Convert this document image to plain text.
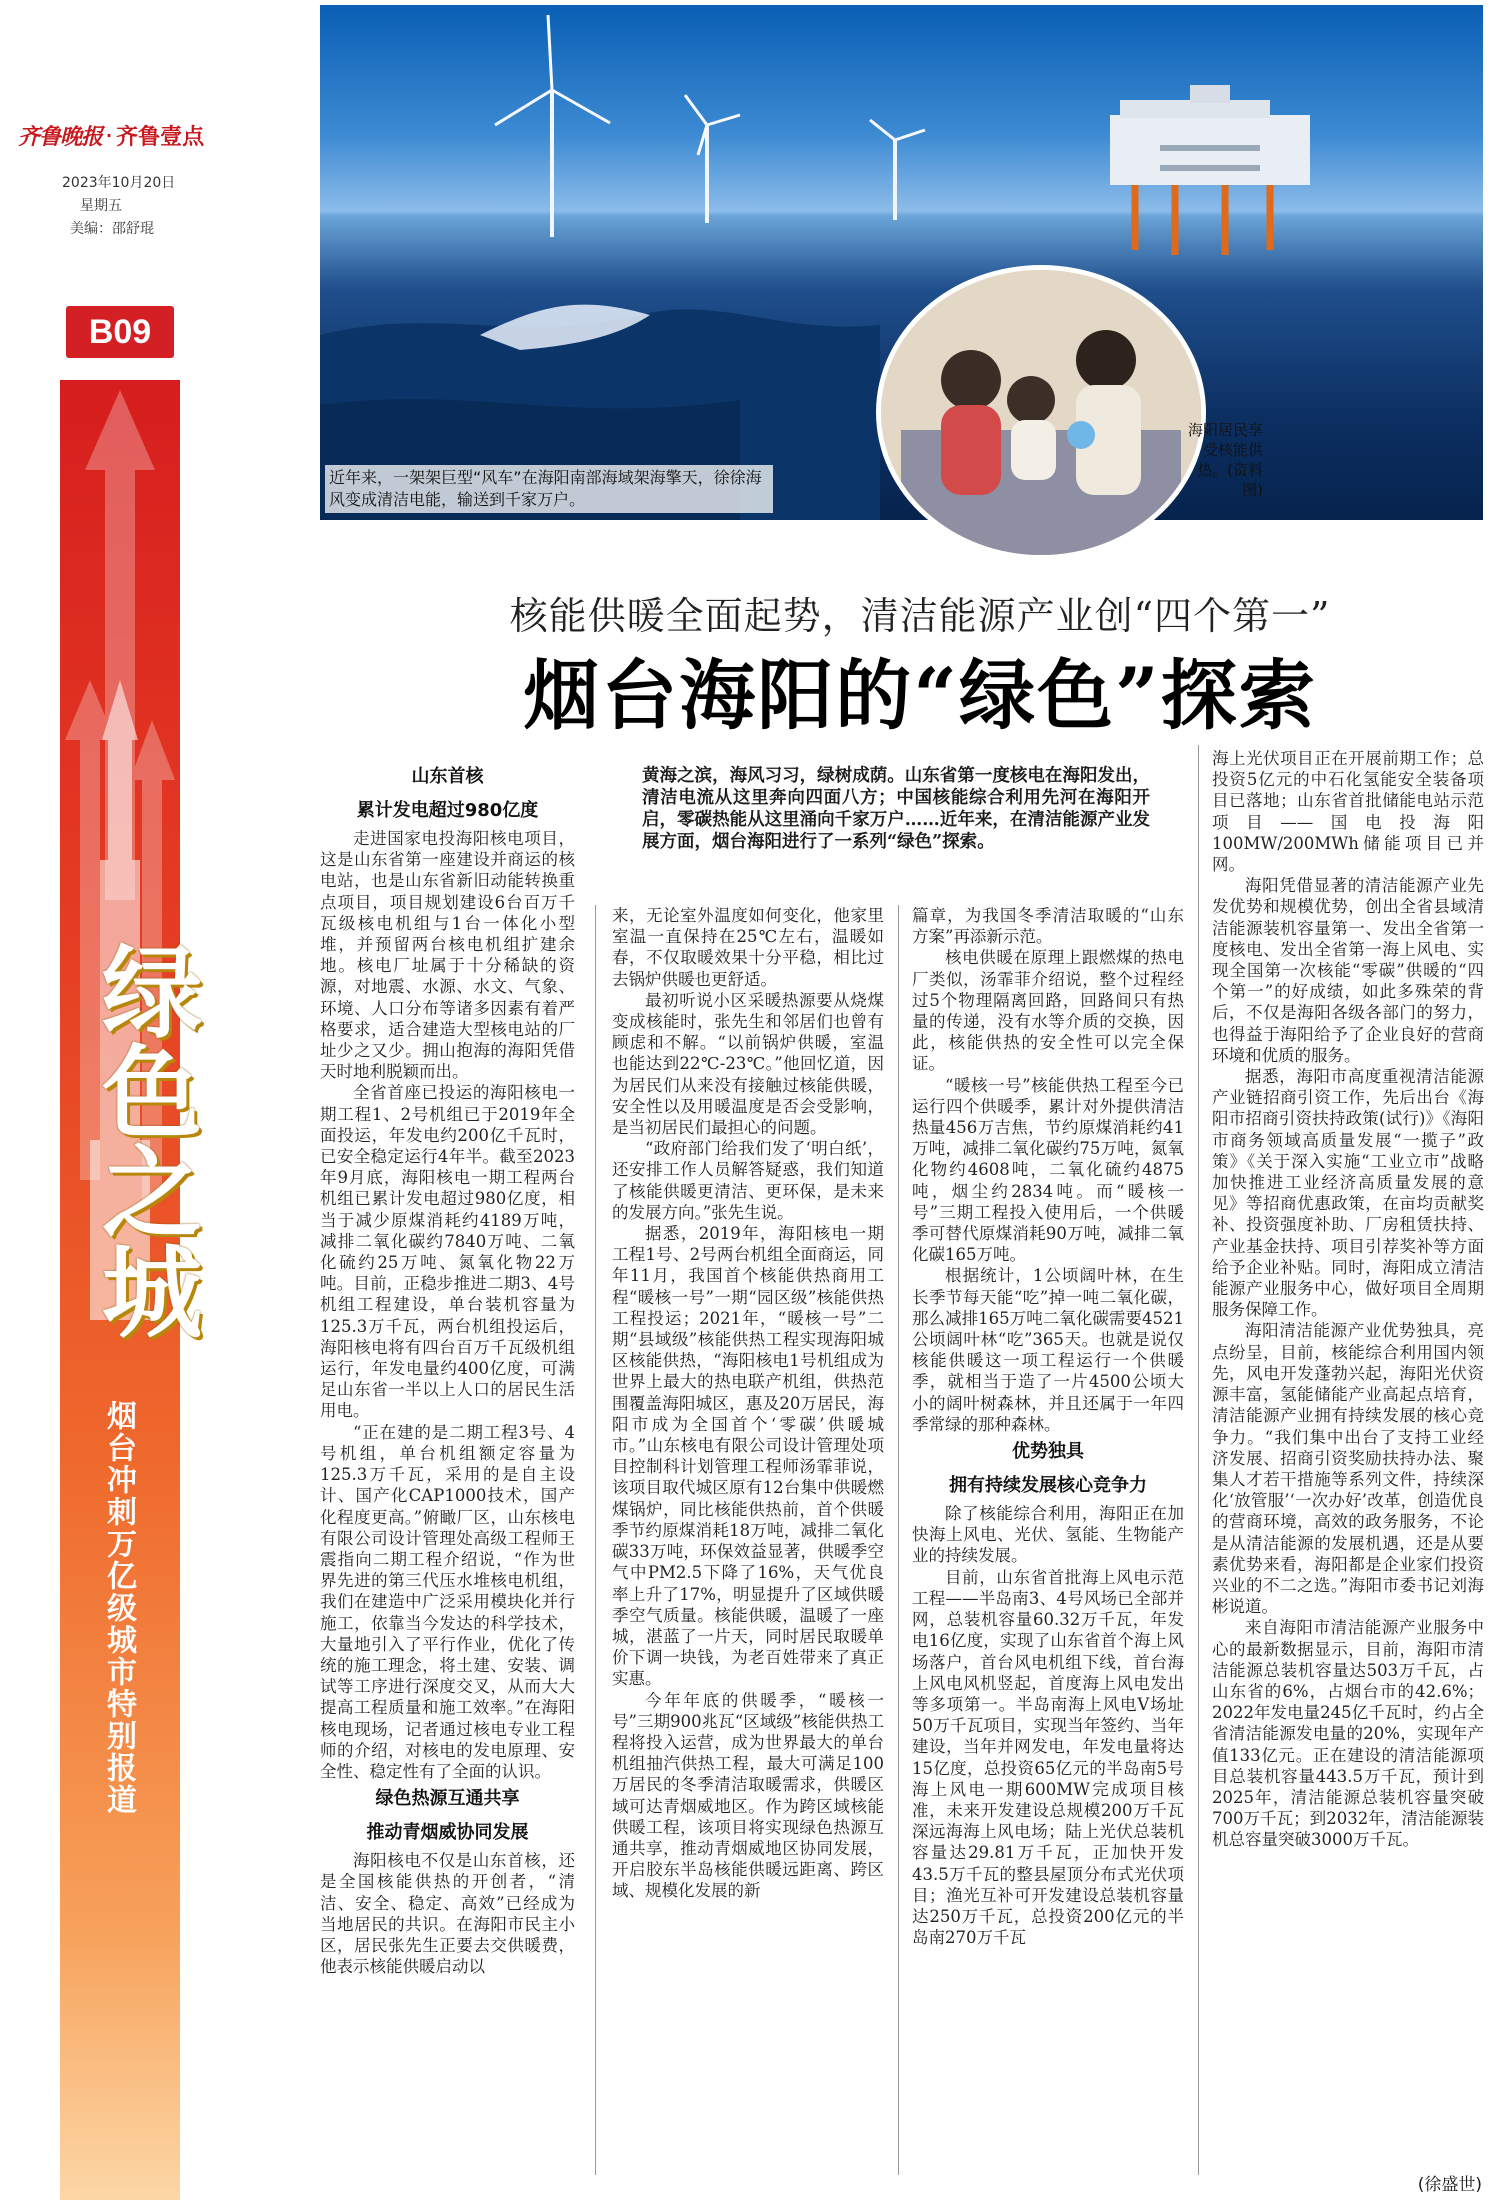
齐鲁晚报 · 齐鲁壹点
2023年10月20日
星期五
美编：邵舒琨
B09
绿色之城
烟台冲刺万亿级城市特别报道
近年来，一架架巨型“风车”在海阳南部海域架海擎天，徐徐海风变成清洁电能，输送到千家万户。
海阳居民享受核能供热。(资料图)
核能供暖全面起势，清洁能源产业创“四个第一”
烟台海阳的“绿色”探索
黄海之滨，海风习习，绿树成荫。山东省第一度核电在海阳发出，清洁电流从这里奔向四面八方；中国核能综合利用先河在海阳开启，零碳热能从这里涌向千家万户……近年来，在清洁能源产业发展方面，烟台海阳进行了一系列“绿色”探索。
山东首核
累计发电超过980亿度

走进国家电投海阳核电项目，这是山东省第一座建设并商运的核电站，也是山东省新旧动能转换重点项目，项目规划建设6台百万千瓦级核电机组与1台一体化小型堆，并预留两台核电机组扩建余地。核电厂址属于十分稀缺的资源，对地震、水源、水文、气象、环境、人口分布等诸多因素有着严格要求，适合建造大型核电站的厂址少之又少。拥山抱海的海阳凭借天时地利脱颖而出。

全省首座已投运的海阳核电一期工程1、2号机组已于2019年全面投运，年发电约200亿千瓦时，已安全稳定运行4年半。截至2023年9月底，海阳核电一期工程两台机组已累计发电超过980亿度，相当于减少原煤消耗约4189万吨，减排二氧化碳约7840万吨、二氧化硫约25万吨、氮氧化物22万吨。目前，正稳步推进二期3、4号机组工程建设，单台装机容量为125.3万千瓦，两台机组投运后，海阳核电将有四台百万千瓦级机组运行，年发电量约400亿度，可满足山东省一半以上人口的居民生活用电。

“正在建的是二期工程3号、4号机组，单台机组额定容量为125.3万千瓦，采用的是自主设计、国产化CAP1000技术，国产化程度更高。”俯瞰厂区，山东核电有限公司设计管理处高级工程师王震指向二期工程介绍说，“作为世界先进的第三代压水堆核电机组，我们在建造中广泛采用模块化并行施工，依靠当今发达的科学技术，大量地引入了平行作业，优化了传统的施工理念，将土建、安装、调试等工序进行深度交叉，从而大大提高工程质量和施工效率。”在海阳核电现场，记者通过核电专业工程师的介绍，对核电的发电原理、安全性、稳定性有了全面的认识。

绿色热源互通共享
推动青烟威协同发展

海阳核电不仅是山东首核，还是全国核能供热的开创者，“清洁、安全、稳定、高效”已经成为当地居民的共识。在海阳市民主小区，居民张先生正要去交供暖费，他表示核能供暖启动以

来，无论室外温度如何变化，他家里室温一直保持在25℃左右，温暖如春，不仅取暖效果十分平稳，相比过去锅炉供暖也更舒适。

最初听说小区采暖热源要从烧煤变成核能时，张先生和邻居们也曾有顾虑和不解。“以前锅炉供暖，室温也能达到22℃-23℃。”他回忆道，因为居民们从来没有接触过核能供暖，安全性以及用暖温度是否会受影响，是当初居民们最担心的问题。

“政府部门给我们发了‘明白纸’，还安排工作人员解答疑惑，我们知道了核能供暖更清洁、更环保，是未来的发展方向。”张先生说。

据悉，2019年，海阳核电一期工程1号、2号两台机组全面商运，同年11月，我国首个核能供热商用工程“暖核一号”一期“园区级”核能供热工程投运；2021年，“暖核一号”二期“县域级”核能供热工程实现海阳城区核能供热，“海阳核电1号机组成为世界上最大的热电联产机组，供热范围覆盖海阳城区，惠及20万居民，海阳市成为全国首个‘零碳’供暖城市。”山东核电有限公司设计管理处项目控制科计划管理工程师汤霏菲说，该项目取代城区原有12台集中供暖燃煤锅炉，同比核能供热前，首个供暖季节约原煤消耗18万吨，减排二氧化碳33万吨，环保效益显著，供暖季空气中PM2.5下降了16%，天气优良率上升了17%，明显提升了区域供暖季空气质量。核能供暖，温暖了一座城，湛蓝了一片天，同时居民取暖单价下调一块钱，为老百姓带来了真正实惠。

今年年底的供暖季，“暖核一号”三期900兆瓦“区域级”核能供热工程将投入运营，成为世界最大的单台机组抽汽供热工程，最大可满足100万居民的冬季清洁取暖需求，供暖区域可达青烟威地区。作为跨区域核能供暖工程，该项目将实现绿色热源互通共享，推动青烟威地区协同发展，开启胶东半岛核能供暖远距离、跨区域、规模化发展的新

篇章，为我国冬季清洁取暖的“山东方案”再添新示范。

核电供暖在原理上跟燃煤的热电厂类似，汤霏菲介绍说，整个过程经过5个物理隔离回路，回路间只有热量的传递，没有水等介质的交换，因此，核能供热的安全性可以完全保证。

“暖核一号”核能供热工程至今已运行四个供暖季，累计对外提供清洁热量456万吉焦，节约原煤消耗约41万吨，减排二氧化碳约75万吨，氮氧化物约4608吨，二氧化硫约4875吨，烟尘约2834吨。而“暖核一号”三期工程投入使用后，一个供暖季可替代原煤消耗90万吨，减排二氧化碳165万吨。

根据统计，1公顷阔叶林，在生长季节每天能“吃”掉一吨二氧化碳，那么减排165万吨二氧化碳需要4521公顷阔叶林“吃”365天。也就是说仅核能供暖这一项工程运行一个供暖季，就相当于造了一片4500公顷大小的阔叶树森林，并且还属于一年四季常绿的那种森林。

优势独具
拥有持续发展核心竞争力

除了核能综合利用，海阳正在加快海上风电、光伏、氢能、生物能产业的持续发展。

目前，山东省首批海上风电示范工程——半岛南3、4号风场已全部并网，总装机容量60.32万千瓦，年发电16亿度，实现了山东省首个海上风场落户，首台风电机组下线，首台海上风电风机竖起，首度海上风电发出等多项第一。半岛南海上风电V场址50万千瓦项目，实现当年签约、当年建设，当年并网发电，年发电量将达15亿度，总投资65亿元的半岛南5号海上风电一期600MW完成项目核准，未来开发建设总规模200万千瓦深远海海上风电场；陆上光伏总装机容量达29.81万千瓦，正加快开发43.5万千瓦的整县屋顶分布式光伏项目；渔光互补可开发建设总装机容量达250万千瓦，总投资200亿元的半岛南270万千瓦

海上光伏项目正在开展前期工作；总投资5亿元的中石化氢能安全装备项目已落地；山东省首批储能电站示范项目——国电投海阳100MW/200MWh储能项目已并网。

海阳凭借显著的清洁能源产业先发优势和规模优势，创出全省县域清洁能源装机容量第一、发出全省第一度核电、发出全省第一海上风电、实现全国第一次核能“零碳”供暖的“四个第一”的好成绩，如此多殊荣的背后，不仅是海阳各级各部门的努力，也得益于海阳给予了企业良好的营商环境和优质的服务。

据悉，海阳市高度重视清洁能源产业链招商引资工作，先后出台《海阳市招商引资扶持政策(试行)》《海阳市商务领域高质量发展“一揽子”政策》《关于深入实施“工业立市”战略加快推进工业经济高质量发展的意见》等招商优惠政策，在亩均贡献奖补、投资强度补助、厂房租赁扶持、产业基金扶持、项目引荐奖补等方面给予企业补贴。同时，海阳成立清洁能源产业服务中心，做好项目全周期服务保障工作。

海阳清洁能源产业优势独具，亮点纷呈，目前，核能综合利用国内领先，风电开发蓬勃兴起，海阳光伏资源丰富，氢能储能产业高起点培育，清洁能源产业拥有持续发展的核心竞争力。“我们集中出台了支持工业经济发展、招商引资奖励扶持办法、聚集人才若干措施等系列文件，持续深化‘放管服’‘一次办好’改革，创造优良的营商环境，高效的政务服务，不论是从清洁能源的发展机遇，还是从要素优势来看，海阳都是企业家们投资兴业的不二之选。”海阳市委书记刘海彬说道。

来自海阳市清洁能源产业服务中心的最新数据显示，目前，海阳市清洁能源总装机容量达503万千瓦，占山东省的6%，占烟台市的42.6%；2022年发电量245亿千瓦时，约占全省清洁能源发电量的20%，实现年产值133亿元。正在建设的清洁能源项目总装机容量443.5万千瓦，预计到2025年，清洁能源总装机容量突破700万千瓦；到2032年，清洁能源装机总容量突破3000万千瓦。

(徐盛世)
